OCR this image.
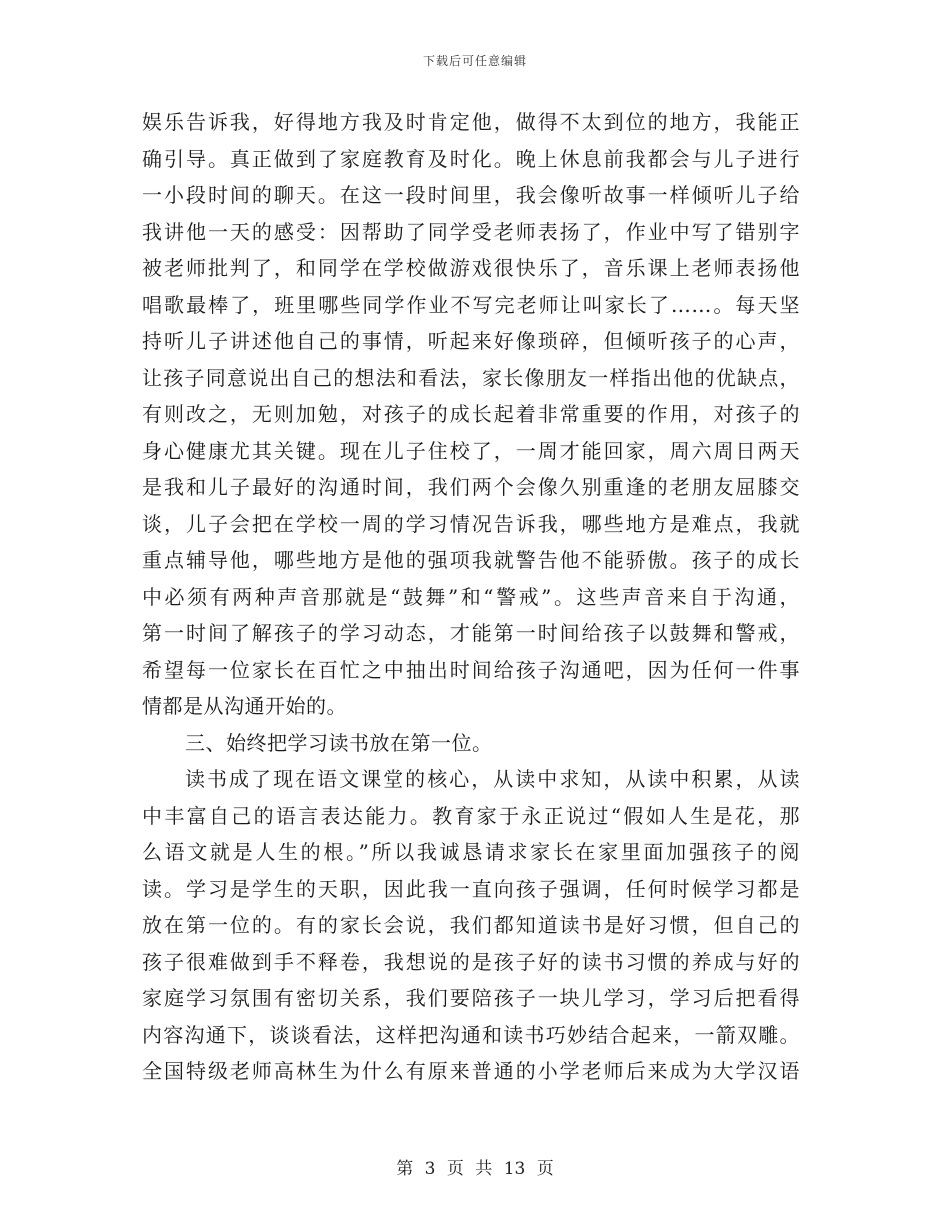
下载后可任意编辑
娱乐告诉我，好得地方我及时肯定他，做得不太到位的地方，我能正
确引导。真正做到了家庭教育及时化。晚上休息前我都会与儿子进行
一小段时间的聊天。在这一段时间里，我会像听故事一样倾听儿子给
我讲他一天的感受：因帮助了同学受老师表扬了，作业中写了错别字
被老师批判了，和同学在学校做游戏很快乐了，音乐课上老师表扬他
唱歌最棒了，班里哪些同学作业不写完老师让叫家长了……。每天坚
持听儿子讲述他自己的事情，听起来好像琐碎，但倾听孩子的心声，
让孩子同意说出自己的想法和看法，家长像朋友一样指出他的优缺点，
有则改之，无则加勉，对孩子的成长起着非常重要的作用，对孩子的
身心健康尤其关键。现在儿子住校了，一周才能回家，周六周日两天
是我和儿子最好的沟通时间，我们两个会像久别重逢的老朋友屈膝交
谈，儿子会把在学校一周的学习情况告诉我，哪些地方是难点，我就
重点辅导他，哪些地方是他的强项我就警告他不能骄傲。孩子的成长
中必须有两种声音那就是“鼓舞”和“警戒”。这些声音来自于沟通，
第一时间了解孩子的学习动态，才能第一时间给孩子以鼓舞和警戒，
希望每一位家长在百忙之中抽出时间给孩子沟通吧，因为任何一件事
情都是从沟通开始的。
三、始终把学习读书放在第一位。
读书成了现在语文课堂的核心，从读中求知，从读中积累，从读
中丰富自己的语言表达能力。教育家于永正说过“假如人生是花，那
么语文就是人生的根。”所以我诚恳请求家长在家里面加强孩子的阅
读。学习是学生的天职，因此我一直向孩子强调，任何时候学习都是
放在第一位的。有的家长会说，我们都知道读书是好习惯，但自己的
孩子很难做到手不释卷，我想说的是孩子好的读书习惯的养成与好的
家庭学习氛围有密切关系，我们要陪孩子一块儿学习，学习后把看得
内容沟通下，谈谈看法，这样把沟通和读书巧妙结合起来，一箭双雕。
全国特级老师高林生为什么有原来普通的小学老师后来成为大学汉语
第 3 页 共 13 页
